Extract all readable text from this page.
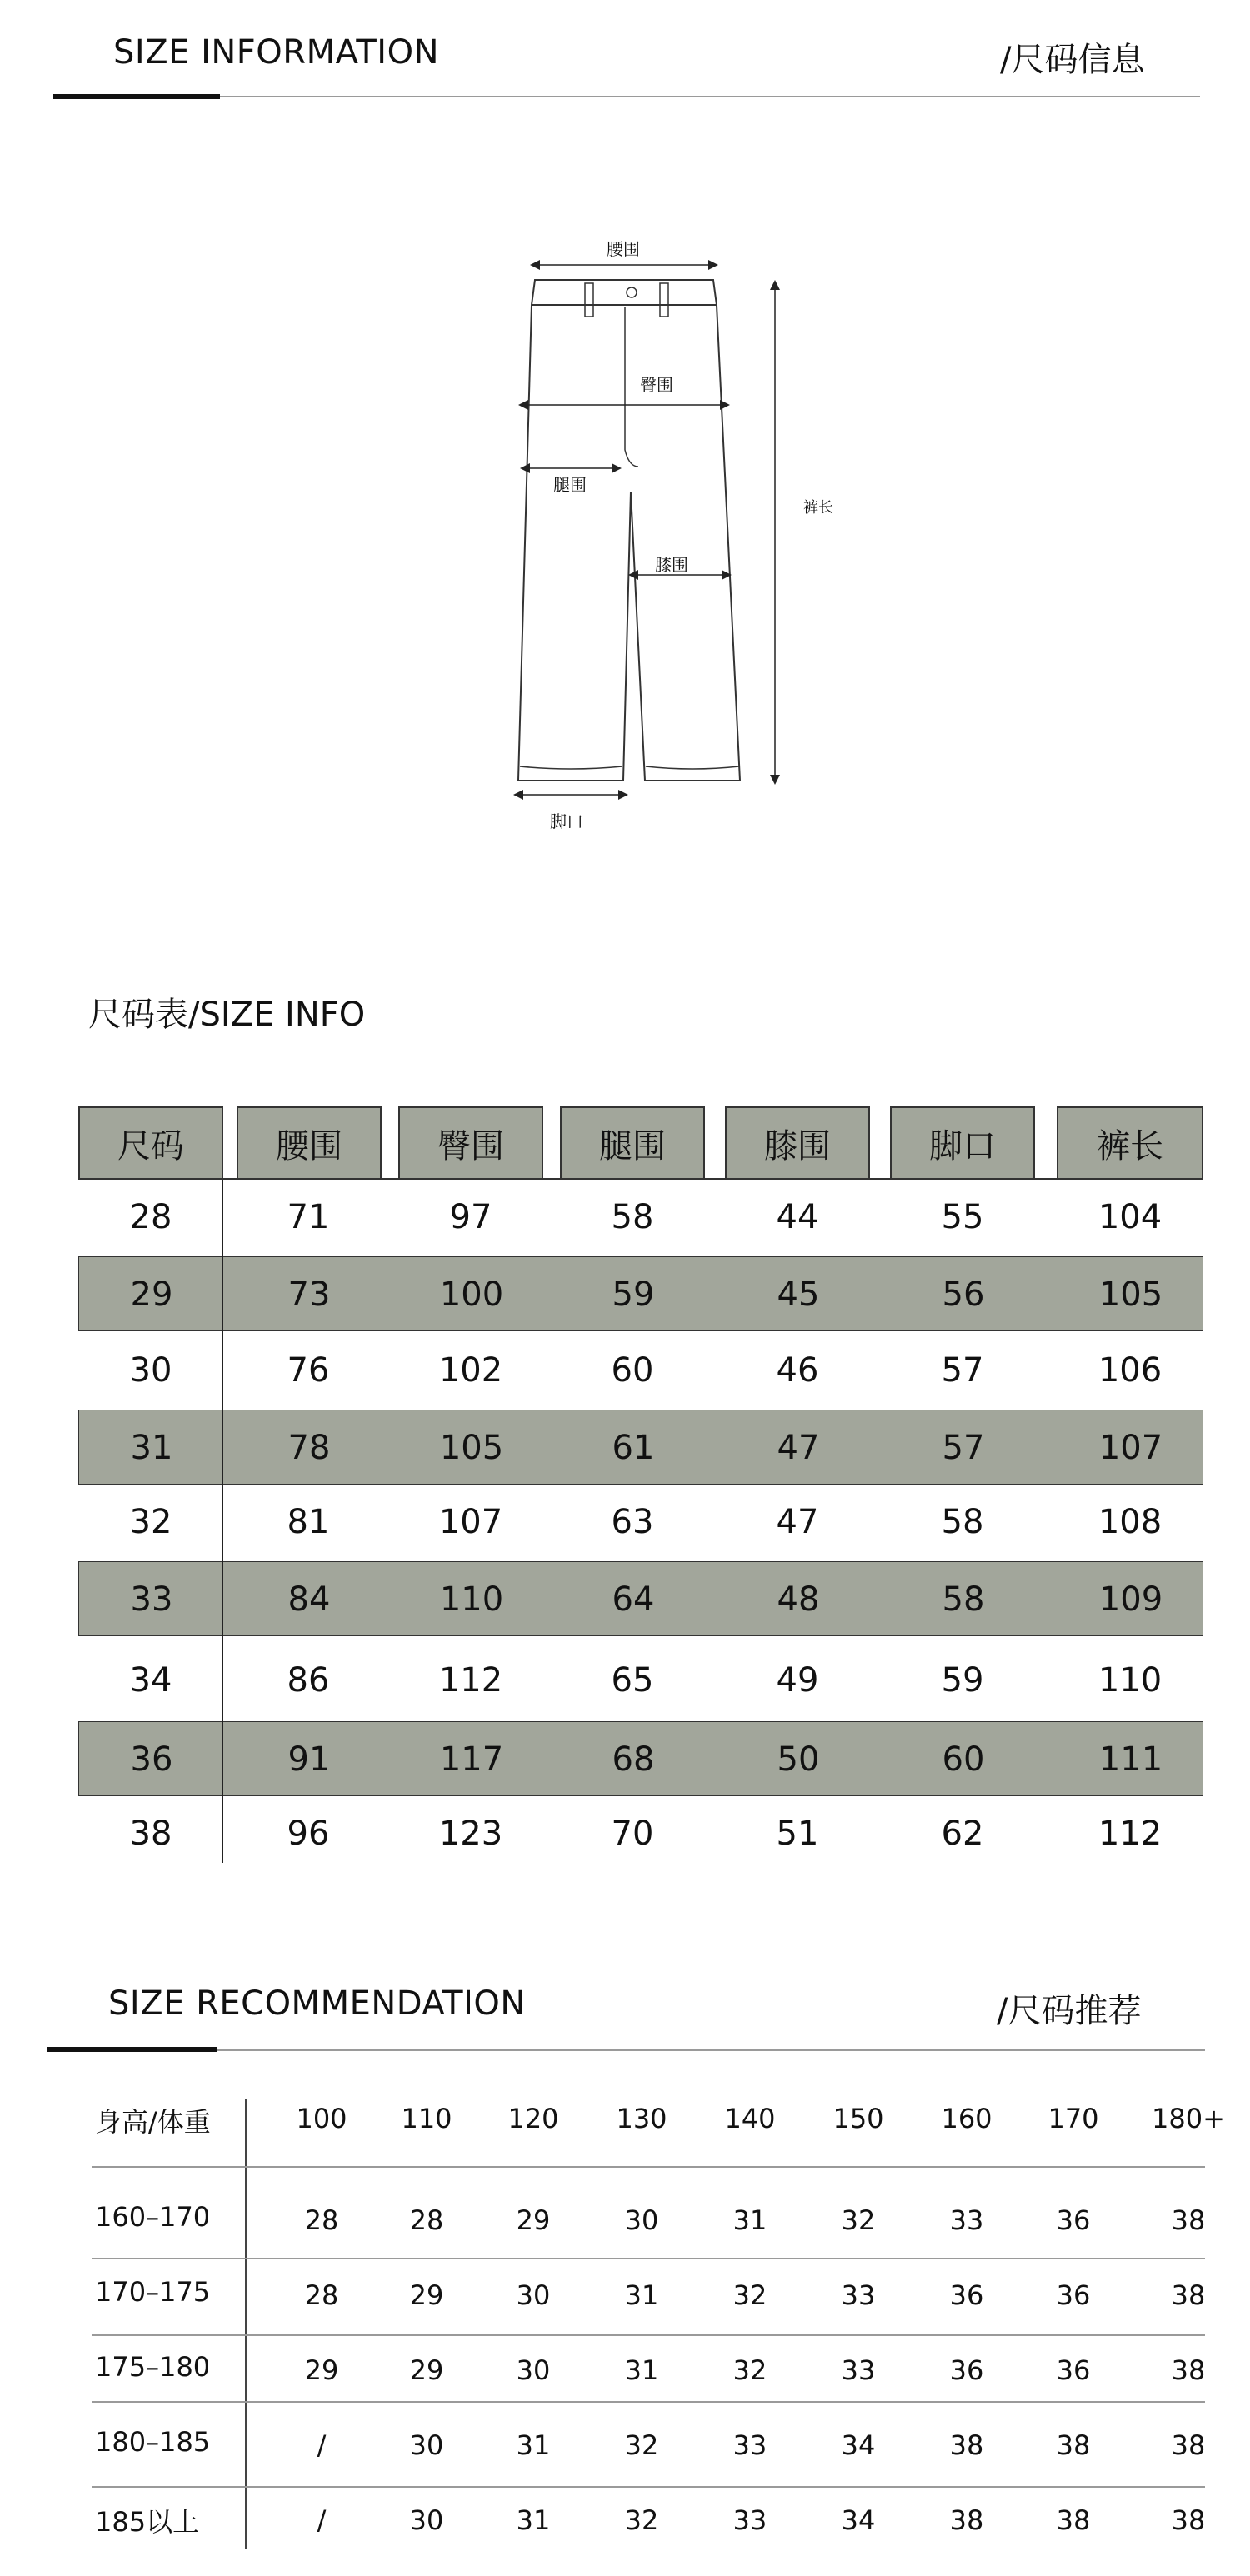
SIZE INFORMATION	/尺码信息
腰围
臀围
腿围
膝围
脚口
裤长
尺码表/SIZE INFO
尺码	腰围	臀围	腿围	膝围	脚口	裤长
28	71	97	58	44	55	104
29	73	100	59	45	56	105
30	76	102	60	46	57	106
31	78	105	61	47	57	107
32	81	107	63	47	58	108
33	84	110	64	48	58	109
34	86	112	65	49	59	110
36	91	117	68	50	60	111
38	96	123	70	51	62	112
SIZE RECOMMENDATION	/尺码推荐
身高/体重	100 110 120 130 140 150 160 170 180+
160–170	28	28	29	30	31	32	33	36	38
170–175	28	29	30	31	32	33	36	36	38
175–180	29	29	30	31	32	33	36	36	38
180–185	/	30	31	32	33	34	38	38	38
185以上	/	30	31	32	33	34	38	38	38
